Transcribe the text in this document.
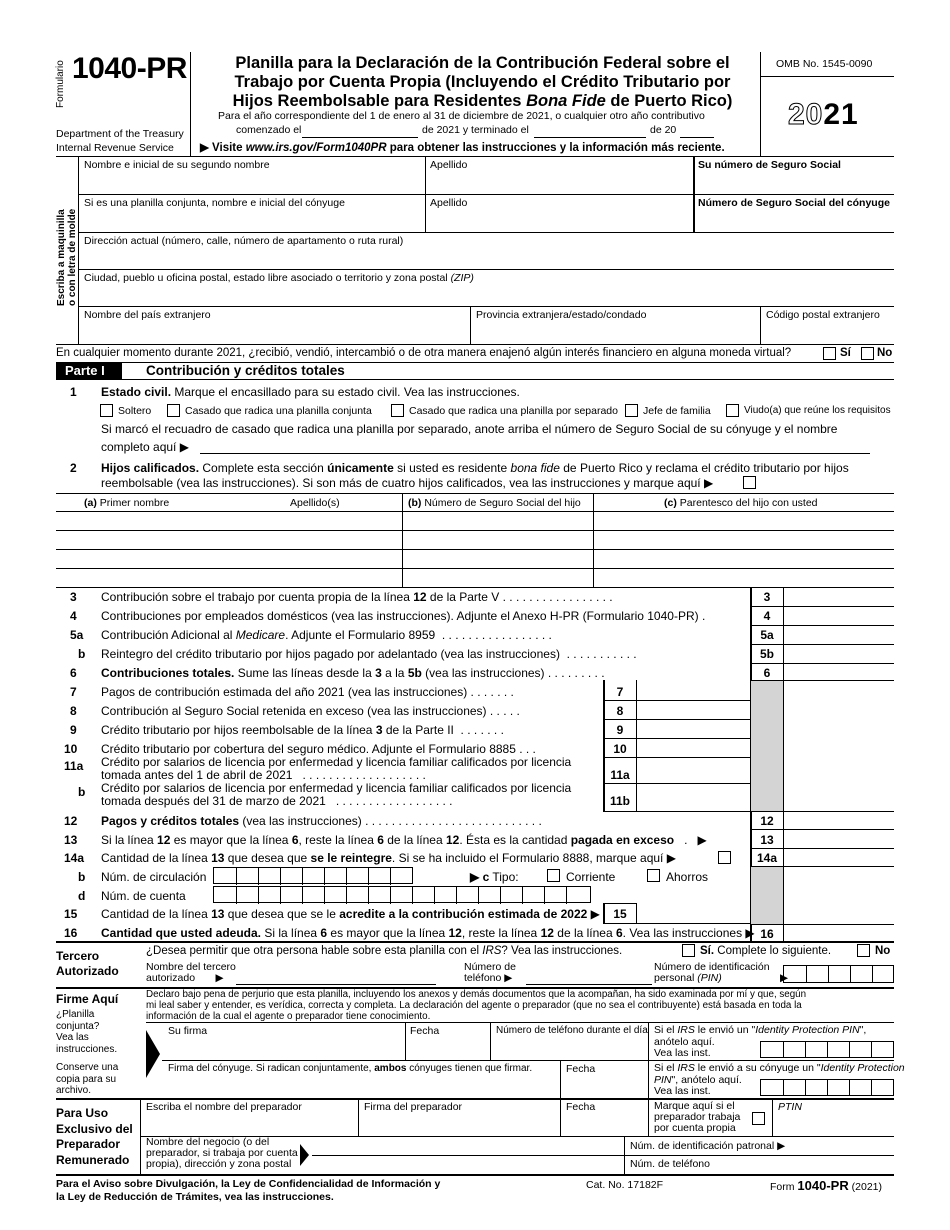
Formulario 1040-PR
Department of the Treasury
Internal Revenue Service
Planilla para la Declaración de la Contribución Federal sobre el
Trabajo por Cuenta Propia (Incluyendo el Crédito Tributario por
Hijos Reembolsable para Residentes Bona Fide de Puerto Rico)
Para el año correspondiente del 1 de enero al 31 de diciembre de 2021, o cualquier otro año contributivo
comenzado el	de 2021 y terminado el	de 20
▶ Visite www.irs.gov/Form1040PR para obtener las instrucciones y la información más reciente.
OMB No. 1545-0090
2021
Escriba a maquinilla o con letra de molde
Nombre e inicial de su segundo nombre	Apellido	Su número de Seguro Social
Si es una planilla conjunta, nombre e inicial del cónyuge	Apellido	Número de Seguro Social del cónyuge
Dirección actual (número, calle, número de apartamento o ruta rural)
Ciudad, pueblo u oficina postal, estado libre asociado o territorio y zona postal (ZIP)
Nombre del país extranjero	Provincia extranjera/estado/condado	Código postal extranjero
En cualquier momento durante 2021, ¿recibió, vendió, intercambió o de otra manera enajenó algún interés financiero en alguna moneda virtual?	Sí No
Parte I	Contribución y créditos totales
1 Estado civil. Marque el encasillado para su estado civil. Vea las instrucciones.
Soltero	Casado que radica una planilla conjunta	Casado que radica una planilla por separado Jefe de familia	Viudo(a) que reúne los requisitos
Si marcó el recuadro de casado que radica una planilla por separado, anote arriba el número de Seguro Social de su cónyuge y el nombre
completo aquí ▶
2 Hijos calificados. Complete esta sección únicamente si usted es residente bona fide de Puerto Rico y reclama el crédito tributario por hijos
reembolsable (vea las instrucciones). Si son más de cuatro hijos calificados, vea las instrucciones y marque aquí ▶
(a) Primer nombre	Apellido(s)	(b) Número de Seguro Social del hijo	(c) Parentesco del hijo con usted
3 Contribución sobre el trabajo por cuenta propia de la línea 12 de la Parte V . . . . . . . . . . . . . . . . .	3
4 Contribuciones por empleados domésticos (vea las instrucciones). Adjunte el Anexo H-PR (Formulario 1040-PR) .	4
5a Contribución Adicional al Medicare. Adjunte el Formulario 8959  . . . . . . . . . . . . . . . . .	5a
b Reintegro del crédito tributario por hijos pagado por adelantado (vea las instrucciones)  . . . . . . . . . . .	5b
6 Contribuciones totales. Sume las líneas desde la 3 a la 5b (vea las instrucciones) . . . . . . . . .	6
7 Pagos de contribución estimada del año 2021 (vea las instrucciones) . . . . . . .	7
8 Contribución al Seguro Social retenida en exceso (vea las instrucciones) . . . . .	8
9 Crédito tributario por hijos reembolsable de la línea 3 de la Parte II  . . . . . . .	9
10 Crédito tributario por cobertura del seguro médico. Adjunte el Formulario 8885 . . .	10
11a Crédito por salarios de licencia por enfermedad y licencia familiar calificados por licencia
tomada antes del 1 de abril de 2021   . . . . . . . . . . . . . . . . . . .	11a
b Crédito por salarios de licencia por enfermedad y licencia familiar calificados por licencia
tomada después del 31 de marzo de 2021   . . . . . . . . . . . . . . . . . .	11b
12 Pagos y créditos totales (vea las instrucciones) . . . . . . . . . . . . . . . . . . . . . . . . . . .	12
13 Si la línea 12 es mayor que la línea 6, reste la línea 6 de la línea 12. Ésta es la cantidad pagada en exceso   .   ▶	13
14a Cantidad de la línea 13 que desea que se le reintegre. Si se ha incluido el Formulario 8888, marque aquí ▶	14a
b Núm. de circulación	▶ c Tipo:	Corriente	Ahorros
d Núm. de cuenta
15 Cantidad de la línea 13 que desea que se le acredite a la contribución estimada de 2022 ▶	15
16 Cantidad que usted adeuda. Si la línea 6 es mayor que la línea 12, reste la línea 12 de la línea 6. Vea las instrucciones ▶ 16
Tercero
Autorizado
¿Desea permitir que otra persona hable sobre esta planilla con el IRS? Vea las instrucciones.	Sí. Complete lo siguiente.	No
Nombre del tercero
autorizado       ▶
Número de
teléfono ▶
Número de identificación
personal (PIN)                    ▶
Firme Aquí
¿Planilla
conjunta?
Vea las
instrucciones.
Conserve una
copia para su
archivo.
Declaro bajo pena de perjurio que esta planilla, incluyendo los anexos y demás documentos que la acompañan, ha sido examinada por mí y que, según
mi leal saber y entender, es verídica, correcta y completa. La declaración del agente o preparador (que no sea el contribuyente) está basada en toda la
información de la cual el agente o preparador tiene conocimiento.
Su firma	Fecha	Número de teléfono durante el día Si el IRS le envió un "Identity Protection PIN",
anótelo aquí.
Vea las inst.
Firma del cónyuge. Si radican conjuntamente, ambos cónyuges tienen que firmar.	Fecha	Si el IRS le envió a su cónyuge un "Identity Protection
PIN", anótelo aquí.
Vea las inst.
Para Uso
Exclusivo del
Preparador
Remunerado
Escriba el nombre del preparador	Firma del preparador	Fecha	Marque aquí si el
preparador trabaja
por cuenta propia
PTIN
Nombre del negocio (o del
preparador, si trabaja por cuenta
propia), dirección y zona postal
Núm. de identificación patronal ▶
Núm. de teléfono
Para el Aviso sobre Divulgación, la Ley de Confidencialidad de Información y
la Ley de Reducción de Trámites, vea las instrucciones.
Cat. No. 17182F	Form 1040-PR (2021)
